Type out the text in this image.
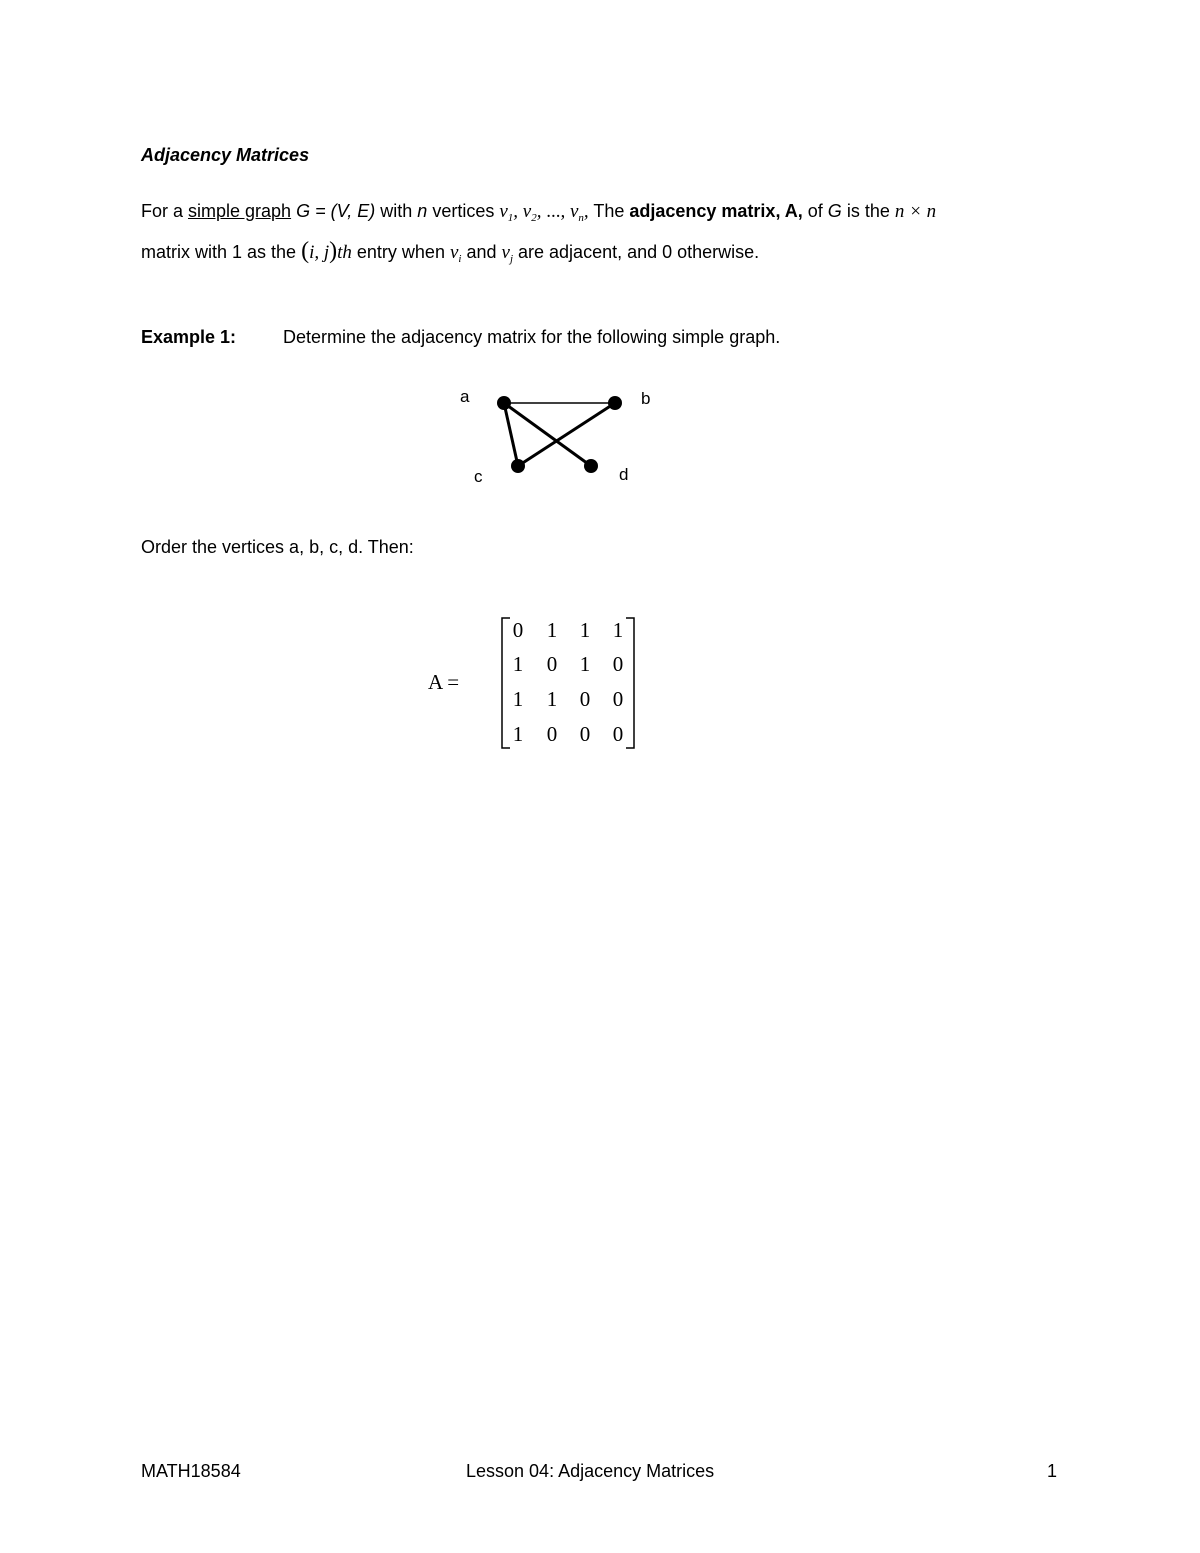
Adjacency Matrices
For a simple graph G = (V, E) with n vertices $v_1$, $v_2$, ..., $v_n$, The adjacency matrix, A, of G is the n × n
matrix with 1 as the (i, j)th entry when $v_i$ and $v_j$ are adjacent, and 0 otherwise.
Example 1:	Determine the adjacency matrix for the following simple graph.
a	b
c	d
Order the vertices a, b, c, d. Then:
A =
0 1 1 1
1 0 1 0
1 1 0 0
1 0 0 0
MATH18584	Lesson 04: Adjacency Matrices	1
